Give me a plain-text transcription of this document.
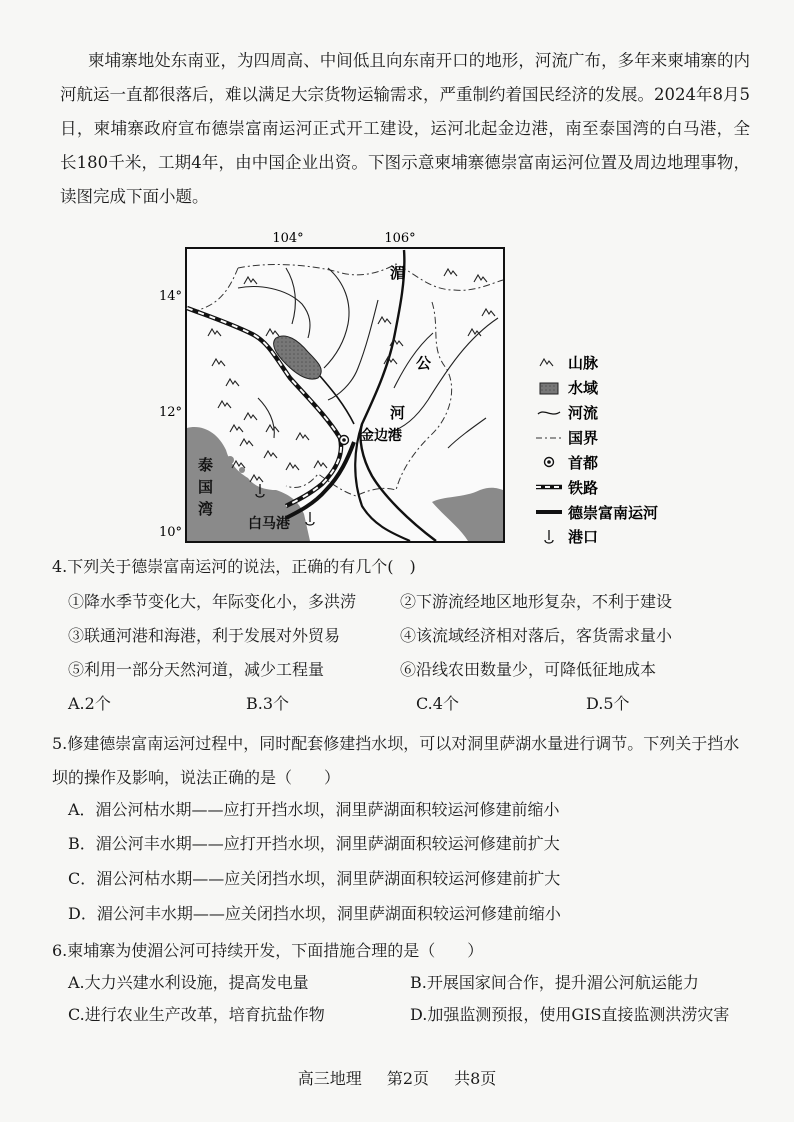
柬埔寨地处东南亚，为四周高、中间低且向东南开口的地形，河流广布，多年来柬埔寨的内河航运一直都很落后，难以满足大宗货物运输需求，严重制约着国民经济的发展。2024年8月5日，柬埔寨政府宣布德崇富南运河正式开工建设，运河北起金边港，南至泰国湾的白马港，全长180千米，工期4年，由中国企业出资。下图示意柬埔寨德崇富南运河位置及周边地理事物，读图完成下面小题。
104°	106°
14°
12°
10°
湄
公
河
金边港
泰
国
湾
白马港
山脉
水域
河流
国界
首都
铁路
德崇富南运河
港口
4.下列关于德崇富南运河的说法，正确的有几个(　)
①降水季节变化大，年际变化小，多洪涝	②下游流经地区地形复杂，不利于建设
③联通河港和海港，利于发展对外贸易	④该流域经济相对落后，客货需求量小
⑤利用一部分天然河道，减少工程量	⑥沿线农田数量少，可降低征地成本
A.2个	B.3个	C.4个	D.5个
5.修建德崇富南运河过程中，同时配套修建挡水坝，可以对洞里萨湖水量进行调节。下列关于挡水坝的操作及影响，说法正确的是（　　）
A．湄公河枯水期——应打开挡水坝，洞里萨湖面积较运河修建前缩小
B．湄公河丰水期——应打开挡水坝，洞里萨湖面积较运河修建前扩大
C．湄公河枯水期——应关闭挡水坝，洞里萨湖面积较运河修建前扩大
D．湄公河丰水期——应关闭挡水坝，洞里萨湖面积较运河修建前缩小
6.柬埔寨为使湄公河可持续开发，下面措施合理的是（　　）
A.大力兴建水利设施，提高发电量	B.开展国家间合作，提升湄公河航运能力
C.进行农业生产改革，培育抗盐作物	D.加强监测预报，使用GIS直接监测洪涝灾害
高三地理 第2页 共8页
